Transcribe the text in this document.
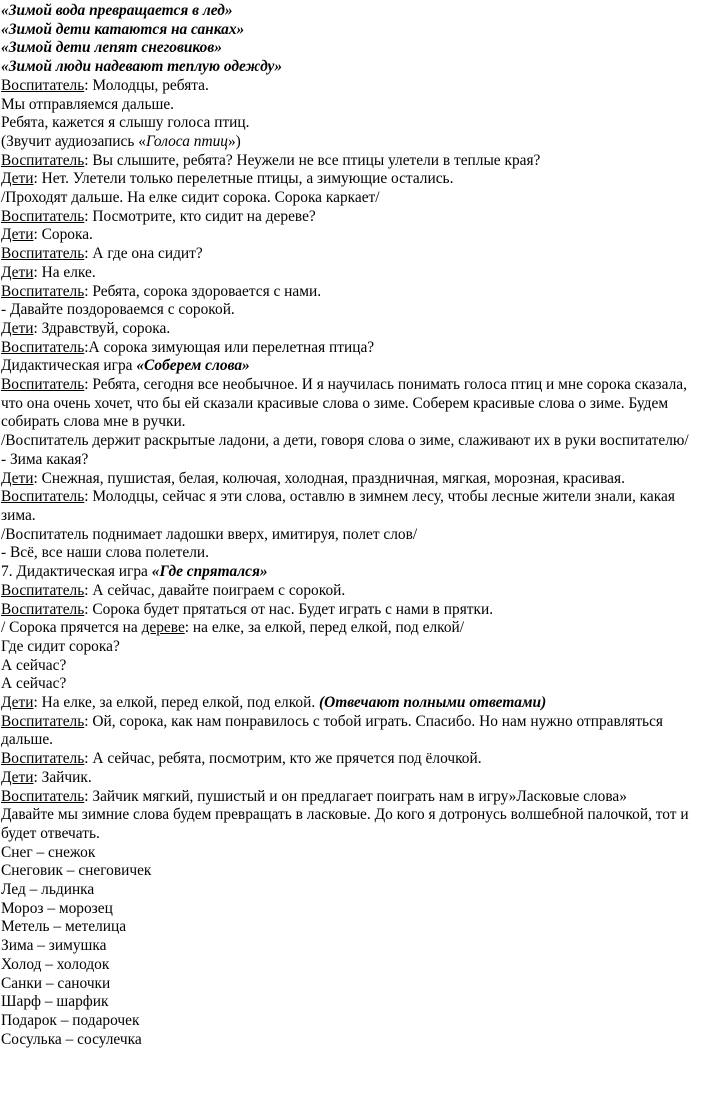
«Зимой вода превращается в лед»
«Зимой дети катаются на санках»
«Зимой дети лепят снеговиков»
«Зимой люди надевают теплую одежду»
Воспитатель: Молодцы, ребята.
Мы отправляемся дальше.
Ребята, кажется я слышу голоса птиц.
(Звучит аудиозапись «Голоса птиц»)
Воспитатель: Вы слышите, ребята? Неужели не все птицы улетели в теплые края?
Дети: Нет. Улетели только перелетные птицы, а зимующие остались.
/Проходят дальше. На елке сидит сорока. Сорока каркает/
Воспитатель: Посмотрите, кто сидит на дереве?
Дети: Сорока.
Воспитатель: А где она сидит?
Дети: На елке.
Воспитатель: Ребята, сорока здоровается с нами.
- Давайте поздороваемся с сорокой.
Дети: Здравствуй, сорока.
Воспитатель:А сорока зимующая или перелетная птица?
Дидактическая игра «Соберем слова»
Воспитатель: Ребята, сегодня все необычное. И я научилась понимать голоса птиц и мне сорока сказала, что она очень хочет, что бы ей сказали красивые слова о зиме. Соберем красивые слова о зиме. Будем собирать слова мне в ручки.
/Воспитатель держит раскрытые ладони, а дети, говоря слова о зиме, слаживают их в руки воспитателю/
- Зима какая?
Дети: Снежная, пушистая, белая, колючая, холодная, праздничная, мягкая, морозная, красивая.
Воспитатель: Молодцы, сейчас я эти слова, оставлю в зимнем лесу, чтобы лесные жители знали, какая зима.
/Воспитатель поднимает ладошки вверх, имитируя, полет слов/
- Всё, все наши слова полетели.
7. Дидактическая игра «Где спрятался»
Воспитатель: А сейчас, давайте поиграем с сорокой.
Воспитатель: Сорока будет прятаться от нас. Будет играть с нами в прятки.
/ Сорока прячется на дереве: на елке, за елкой, перед елкой, под елкой/
Где сидит сорока?
А сейчас?
А сейчас?
Дети: На елке, за елкой, перед елкой, под елкой. (Отвечают полными ответами)
Воспитатель: Ой, сорока, как нам понравилось с тобой играть. Спасибо. Но нам нужно отправляться дальше.
Воспитатель: А сейчас, ребята, посмотрим, кто же прячется под ёлочкой.
Дети: Зайчик.
Воспитатель: Зайчик мягкий, пушистый и он предлагает поиграть нам в игру»Ласковые слова»
Давайте мы зимние слова будем превращать в ласковые. До кого я дотронусь волшебной палочкой, тот и будет отвечать.
Снег – снежок
Снеговик – снеговичек
Лед – льдинка
Мороз – морозец
Метель – метелица
Зима – зимушка
Холод – холодок
Санки – саночки
Шарф – шарфик
Подарок – подарочек
Сосулька – сосулечка
